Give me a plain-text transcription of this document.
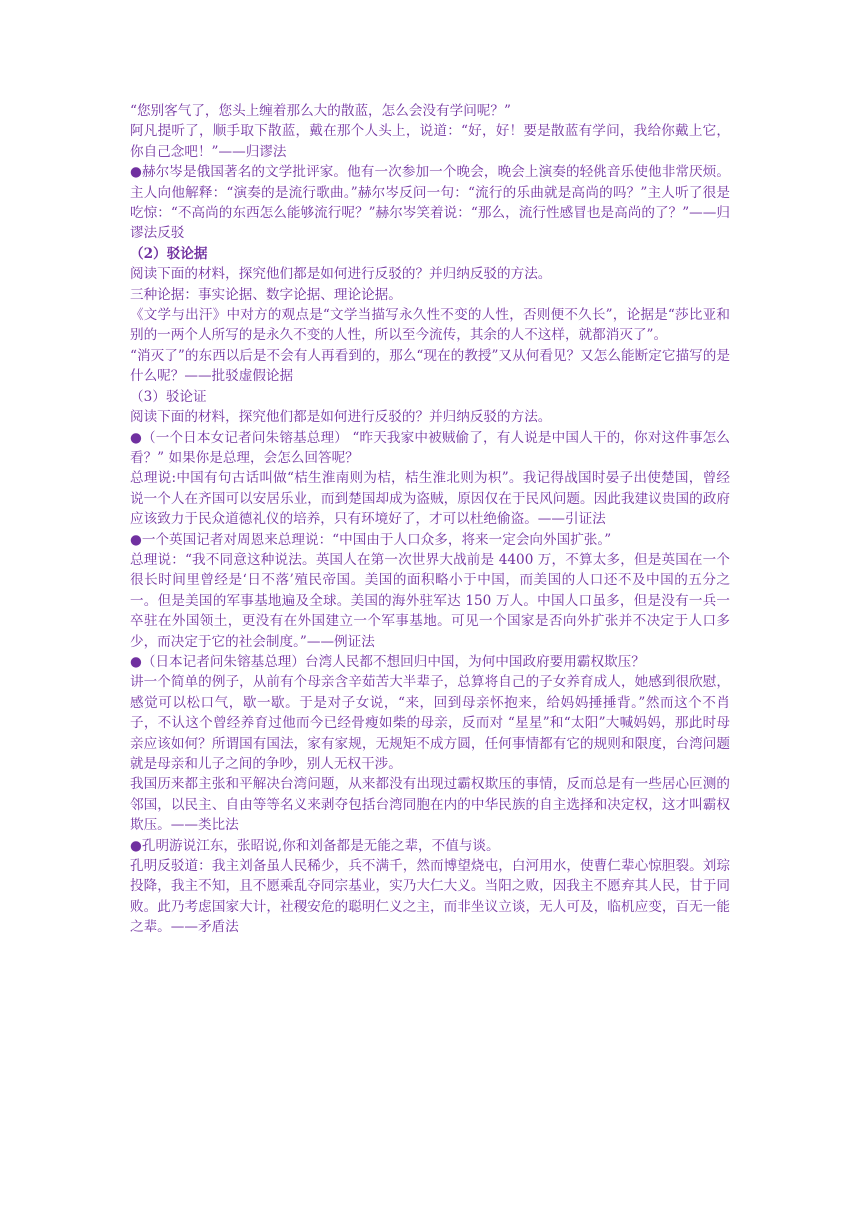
“您别客气了，您头上缠着那么大的散蓝，怎么会没有学问呢？”

阿凡提听了，顺手取下散蓝，戴在那个人头上，说道：“好，好！要是散蓝有学问，我给你戴上它，你自己念吧！”——归谬法

●赫尔岑是俄国著名的文学批评家。他有一次参加一个晚会，晚会上演奏的轻佻音乐使他非常厌烦。主人向他解释：“演奏的是流行歌曲。”赫尔岑反问一句：“流行的乐曲就是高尚的吗？”主人听了很是吃惊：“不高尚的东西怎么能够流行呢？”赫尔岑笑着说：“那么，流行性感冒也是高尚的了？”——归谬法反驳

（2）驳论据

阅读下面的材料，探究他们都是如何进行反驳的？并归纳反驳的方法。

三种论据：事实论据、数字论据、理论论据。

《文学与出汗》中对方的观点是“文学当描写永久性不变的人性，否则便不久长”，论据是“莎比亚和别的一两个人所写的是永久不变的人性，所以至今流传，其余的人不这样，就都消灭了”。

“消灭了”的东西以后是不会有人再看到的，那么“现在的教授”又从何看见？又怎么能断定它描写的是什么呢？——批驳虚假论据

（3）驳论证

阅读下面的材料，探究他们都是如何进行反驳的？并归纳反驳的方法。

●（一个日本女记者问朱镕基总理） “昨天我家中被贼偷了，有人说是中国人干的，你对这件事怎么看？” 如果你是总理，会怎么回答呢？

总理说:中国有句古话叫做“桔生淮南则为桔，桔生淮北则为枳”。我记得战国时晏子出使楚国，曾经说一个人在齐国可以安居乐业，而到楚国却成为盗贼，原因仅在于民风问题。因此我建议贵国的政府应该致力于民众道德礼仪的培养，只有环境好了，才可以杜绝偷盗。——引证法

●一个英国记者对周恩来总理说：“中国由于人口众多，将来一定会向外国扩张。”

总理说：“我不同意这种说法。英国人在第一次世界大战前是 4400 万，不算太多，但是英国在一个很长时间里曾经是‘日不落’殖民帝国。美国的面积略小于中国，而美国的人口还不及中国的五分之一。但是美国的军事基地遍及全球。美国的海外驻军达 150 万人。中国人口虽多，但是没有一兵一卒驻在外国领土，更没有在外国建立一个军事基地。可见一个国家是否向外扩张并不决定于人口多少，而决定于它的社会制度。”——例证法

●（日本记者问朱镕基总理）台湾人民都不想回归中国，为何中国政府要用霸权欺压？

讲一个简单的例子，从前有个母亲含辛茹苦大半辈子，总算将自己的子女养育成人，她感到很欣慰，感觉可以松口气，歇一歇。于是对子女说，“来，回到母亲怀抱来，给妈妈捶捶背。”然而这个不肖子，不认这个曾经养育过他而今已经骨瘦如柴的母亲，反而对 “星星”和“太阳”大喊妈妈，那此时母亲应该如何？所谓国有国法，家有家规，无规矩不成方圆，任何事情都有它的规则和限度，台湾问题就是母亲和儿子之间的争吵，别人无权干涉。

我国历来都主张和平解决台湾问题，从来都没有出现过霸权欺压的事情，反而总是有一些居心叵测的邻国，以民主、自由等等名义来剥夺包括台湾同胞在内的中华民族的自主选择和决定权，这才叫霸权欺压。——类比法

●孔明游说江东，张昭说,你和刘备都是无能之辈，不值与谈。

孔明反驳道：我主刘备虽人民稀少，兵不满千，然而博望烧屯，白河用水，使曹仁辈心惊胆裂。刘琮投降，我主不知，且不愿乘乱夺同宗基业，实乃大仁大义。当阳之败，因我主不愿弃其人民，甘于同败。此乃考虑国家大计，社稷安危的聪明仁义之主，而非坐议立谈，无人可及，临机应变，百无一能之辈。——矛盾法
